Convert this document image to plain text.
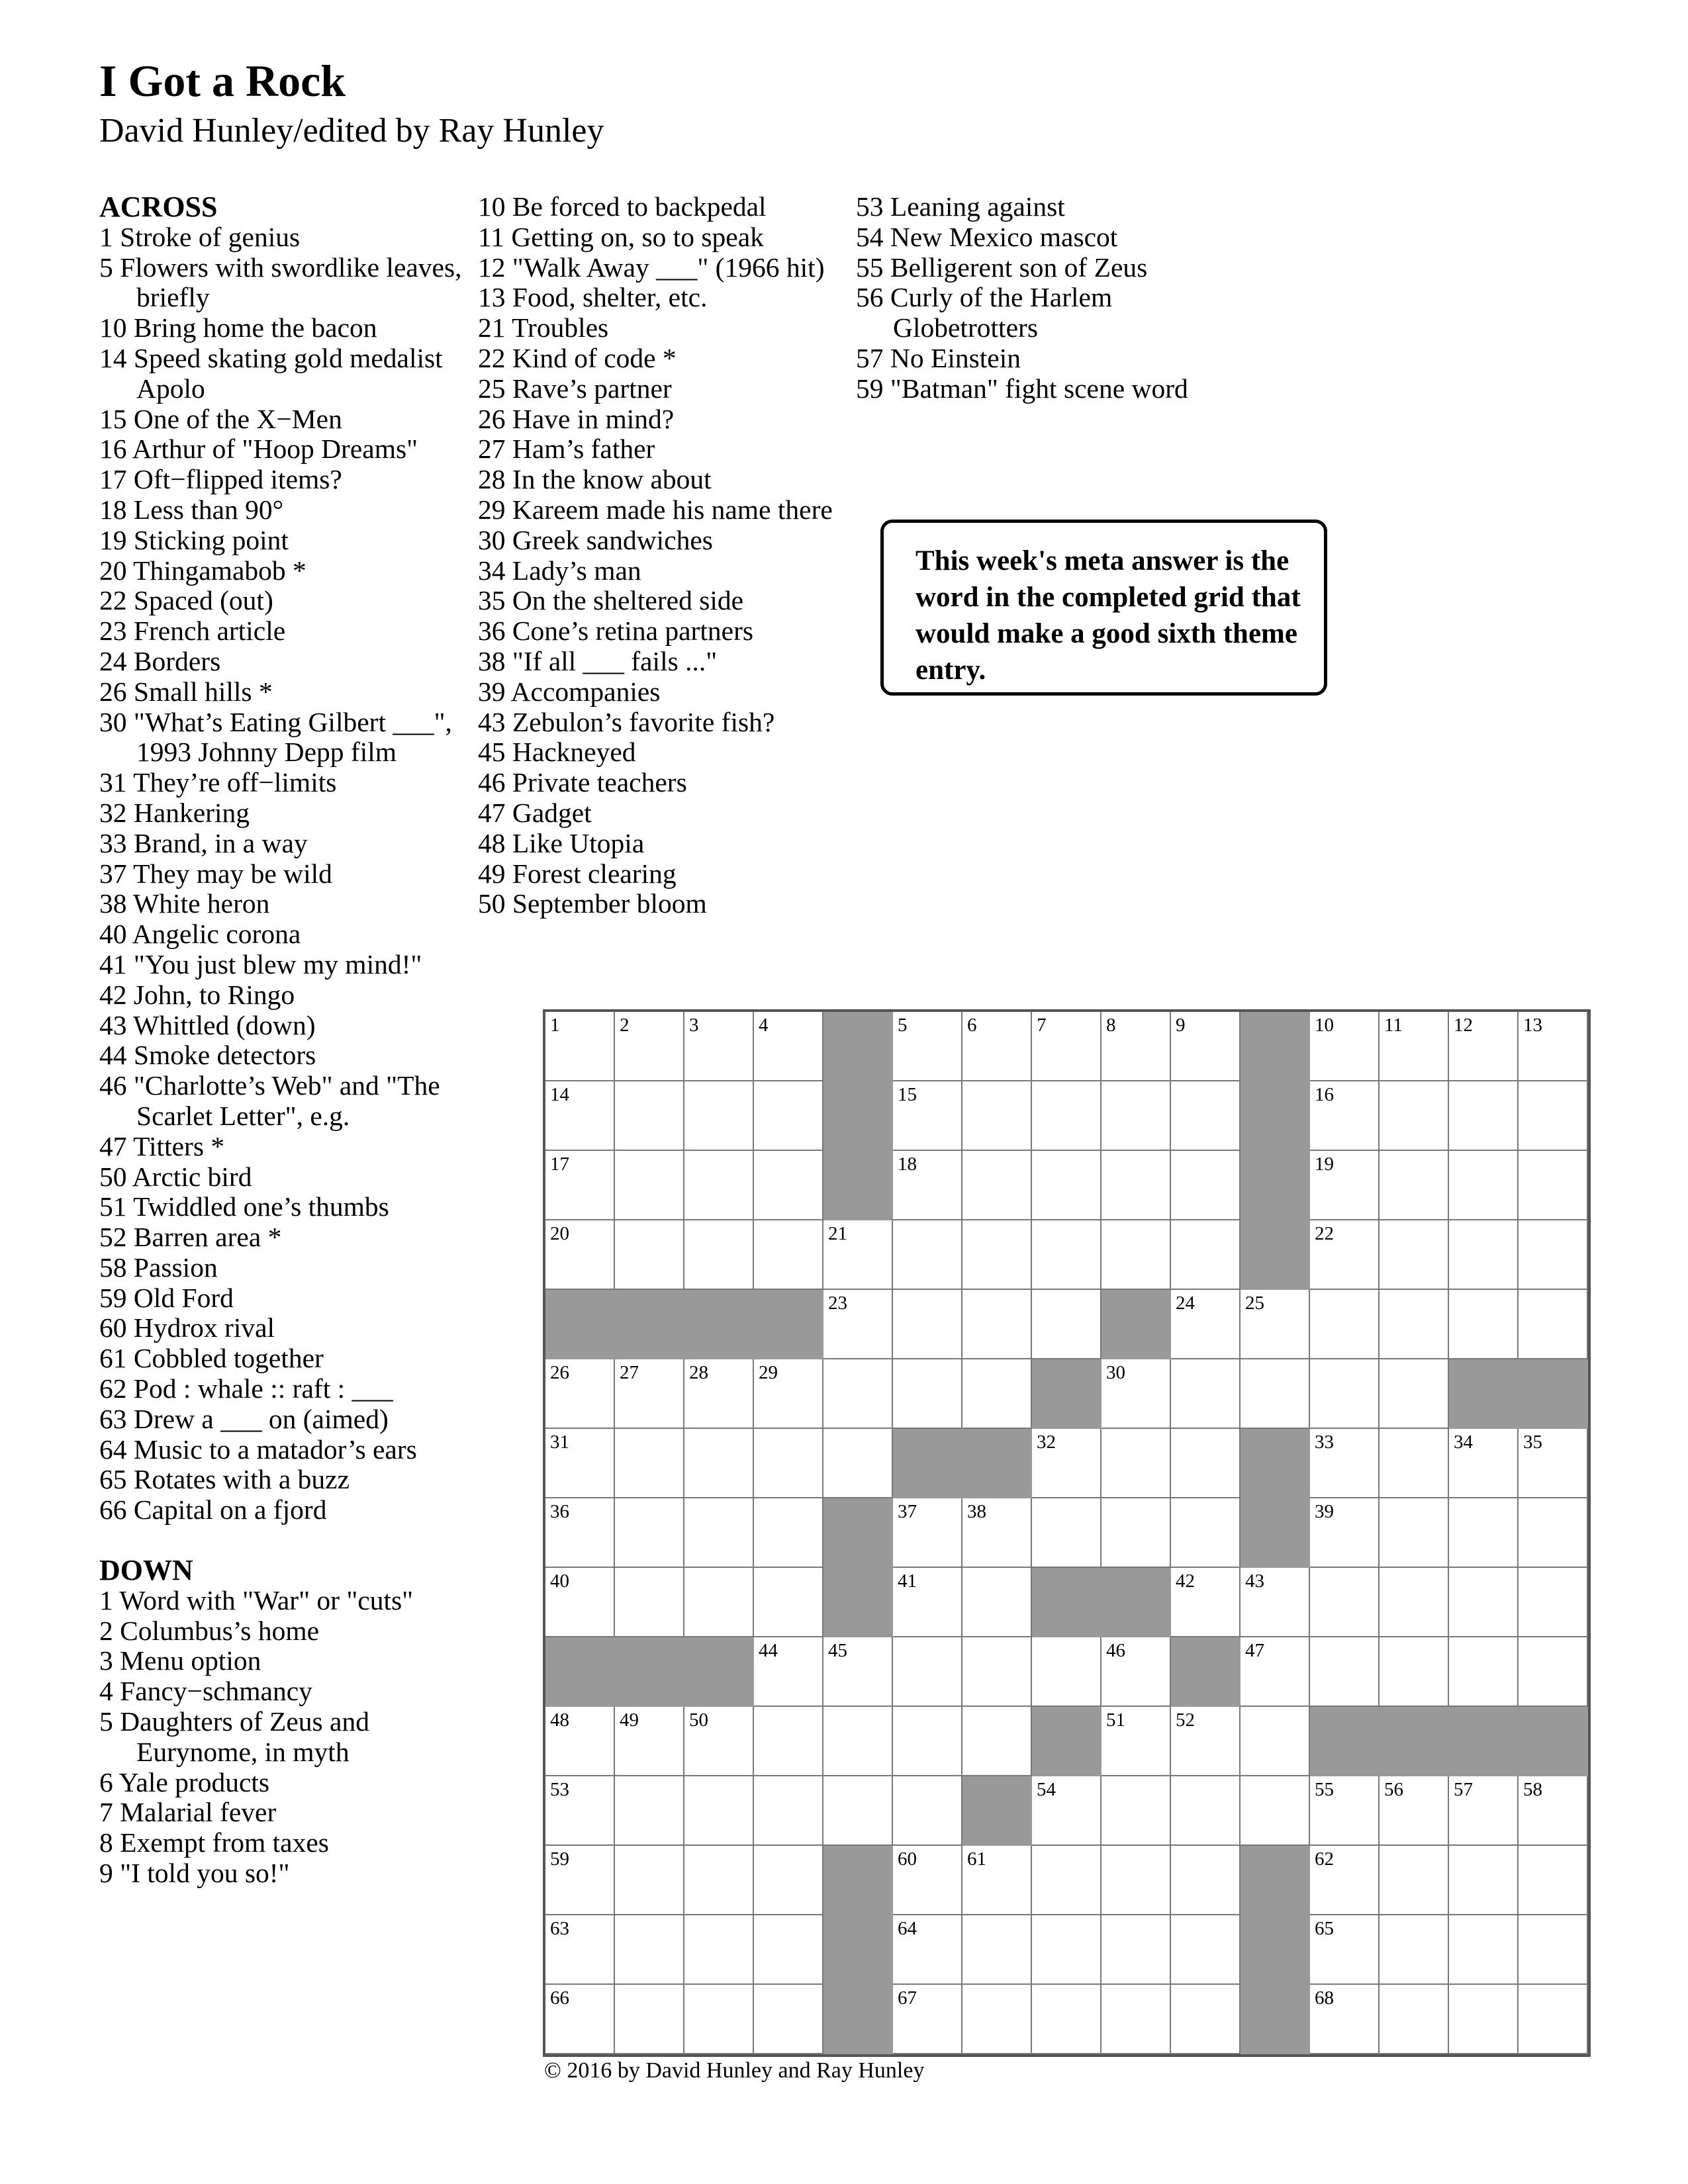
I Got a Rock
David Hunley/edited by Ray Hunley
ACROSS
1 Stroke of genius
5 Flowers with swordlike leaves, briefly
10 Bring home the bacon
14 Speed skating gold medalist Apolo
15 One of the X−Men
16 Arthur of "Hoop Dreams"
17 Oft−flipped items?
18 Less than 90°
19 Sticking point
20 Thingamabob *
22 Spaced (out)
23 French article
24 Borders
26 Small hills *
30 "What’s Eating Gilbert ___", 1993 Johnny Depp film
31 They’re off−limits
32 Hankering
33 Brand, in a way
37 They may be wild
38 White heron
40 Angelic corona
41 "You just blew my mind!"
42 John, to Ringo
43 Whittled (down)
44 Smoke detectors
46 "Charlotte’s Web" and "The Scarlet Letter", e.g.
47 Titters *
50 Arctic bird
51 Twiddled one’s thumbs
52 Barren area *
58 Passion
59 Old Ford
60 Hydrox rival
61 Cobbled together
62 Pod : whale :: raft : ___
63 Drew a ___ on (aimed)
64 Music to a matador’s ears
65 Rotates with a buzz
66 Capital on a fjord
DOWN
1 Word with "War" or "cuts"
2 Columbus’s home
3 Menu option
4 Fancy−schmancy
5 Daughters of Zeus and Eurynome, in myth
6 Yale products
7 Malarial fever
8 Exempt from taxes
9 "I told you so!"
10 Be forced to backpedal
11 Getting on, so to speak
12 "Walk Away ___" (1966 hit)
13 Food, shelter, etc.
21 Troubles
22 Kind of code *
25 Rave’s partner
26 Have in mind?
27 Ham’s father
28 In the know about
29 Kareem made his name there
30 Greek sandwiches
34 Lady’s man
35 On the sheltered side
36 Cone’s retina partners
38 "If all ___ fails ..."
39 Accompanies
43 Zebulon’s favorite fish?
45 Hackneyed
46 Private teachers
47 Gadget
48 Like Utopia
49 Forest clearing
50 September bloom
53 Leaning against
54 New Mexico mascot
55 Belligerent son of Zeus
56 Curly of the Harlem Globetrotters
57 No Einstein
59 "Batman" fight scene word
This week's meta answer is the word in the completed grid that would make a good sixth theme entry.
1	2	3	4	5	6	7	8	9	10	11	12	13
14	15	16
17	18	19
20	21	22
23	24	25
26	27	28	29	30
31	32	33	34	35
36	37	38	39
40	41	42	43
44	45	46	47
48	49	50	51	52
53	54	55	56	57	58
59	60	61	62
63	64	65
66	67	68
© 2016 by David Hunley and Ray Hunley
